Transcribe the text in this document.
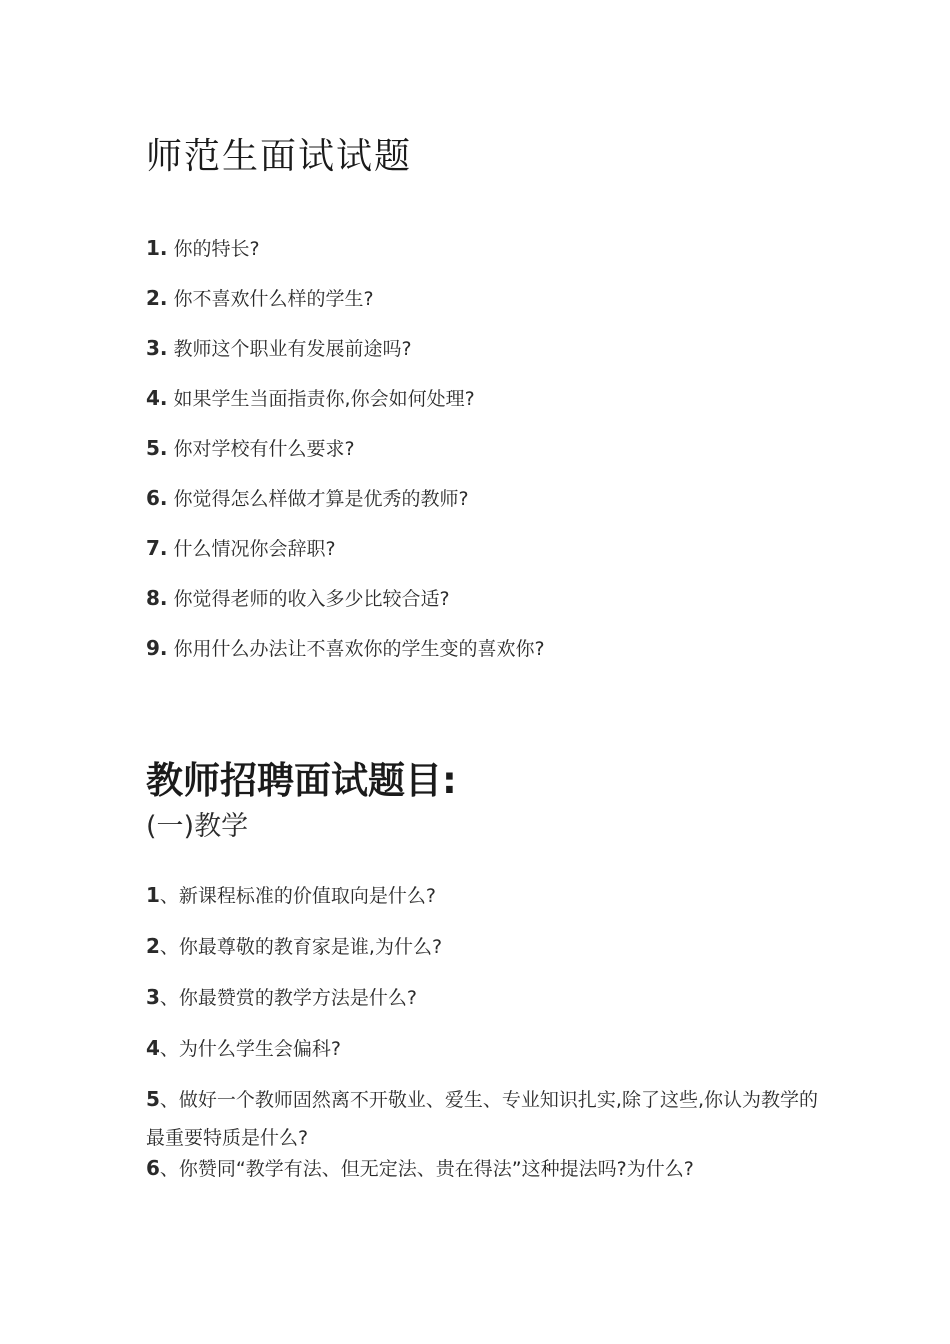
师范生面试试题
1. 你的特长?
2. 你不喜欢什么样的学生?
3. 教师这个职业有发展前途吗?
4. 如果学生当面指责你,你会如何处理?
5. 你对学校有什么要求?
6. 你觉得怎么样做才算是优秀的教师?
7. 什么情况你会辞职?
8. 你觉得老师的收入多少比较合适?
9. 你用什么办法让不喜欢你的学生变的喜欢你?
教师招聘面试题目:
(一)教学
1、新课程标准的价值取向是什么?
2、你最尊敬的教育家是谁,为什么?
3、你最赞赏的教学方法是什么?
4、为什么学生会偏科?
5、做好一个教师固然离不开敬业、爱生、专业知识扎实,除了这些,你认为教学的最重要特质是什么?
6、你赞同“教学有法、但无定法、贵在得法”这种提法吗?为什么?
